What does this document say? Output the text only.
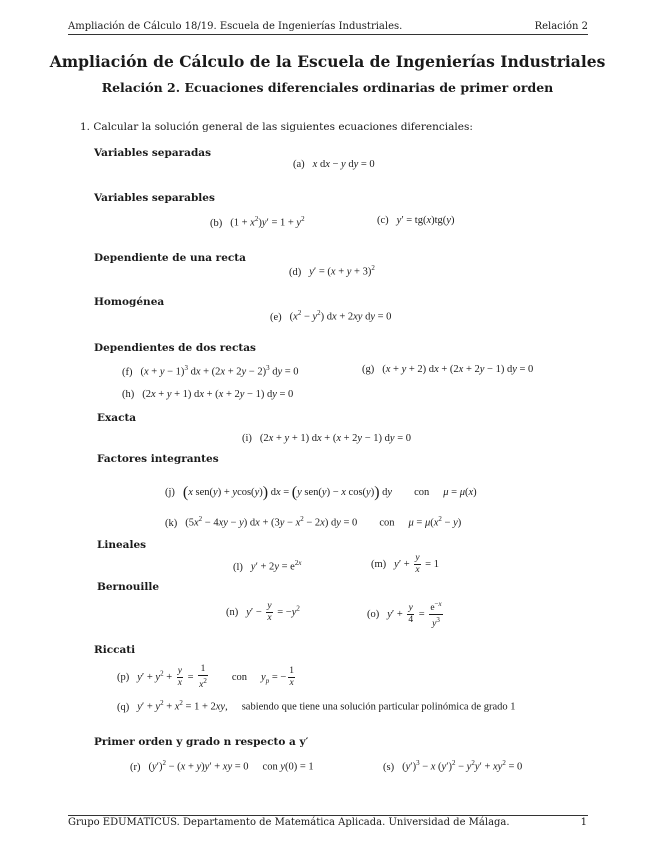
Ampliación de Cálculo 18/19. Escuela de Ingenierías Industriales.	Relación 2
Ampliación de Cálculo de la Escuela de Ingenierías Industriales
Relación 2. Ecuaciones diferenciales ordinarias de primer orden
1. Calcular la solución general de las siguientes ecuaciones diferenciales:
Variables separadas
(a) x dx − y dy = 0
Variables separables
(b) $(1 + x^2)y' = 1 + y^2$	(c) y′ = tg(x)tg(y)
Dependiente de una recta
(d) $y' = (x + y + 3)^2$
Homogénea
(e) $(x^2 - y^2)$ dx + 2xy dy = 0
Dependientes de dos rectas
(f) $(x + y - 1)^3$ dx + $(2x + 2y - 2)^3$ dy = 0	(g) (x + y + 2) dx + (2x + 2y − 1) dy = 0
(h) (2x + y + 1) dx + (x + 2y − 1) dy = 0
Exacta
(i) (2x + y + 1) dx + (x + 2y − 1) dy = 0
Factores integrantes
(j) (x sen(y) + ycos(y)) dx = (y sen(y) − x cos(y)) dy con μ = μ(x)
(k) $(5x^2 - 4xy - y)$ dx + $(3y - x^2 - 2x)$ dy = 0 con $\mu = \mu(x^2 - y)$
Lineales
(l) $y' + 2y = e^{2x}$	(m) $y' + \frac{y}{x} = 1$
Bernouille
(n) $y' - \frac{y}{x} = -y^2$
(o) $y' + \frac{y}{4} = \frac{e^{-x}}{y^3}$
Riccati
(p) $y' + y^2 + \frac{y}{x} = \frac{1}{x^2}$ con $y_p$ = − $\frac{1}{x}$
(q) $y' + y^2 + x^2 = 1 + 2xy$, sabiendo que tiene una solución particular polinómica de grado 1
Primer orden y grado n respecto a y′
(r) $(y')^2 - (x + y)y'$ + xy = 0 con y(0) = 1	(s) $(y')^3 - x$ $(y')^2 - y^2y' + xy^2 = 0$
Grupo EDUMATICUS. Departamento de Matemática Aplicada. Universidad de Málaga.	1
